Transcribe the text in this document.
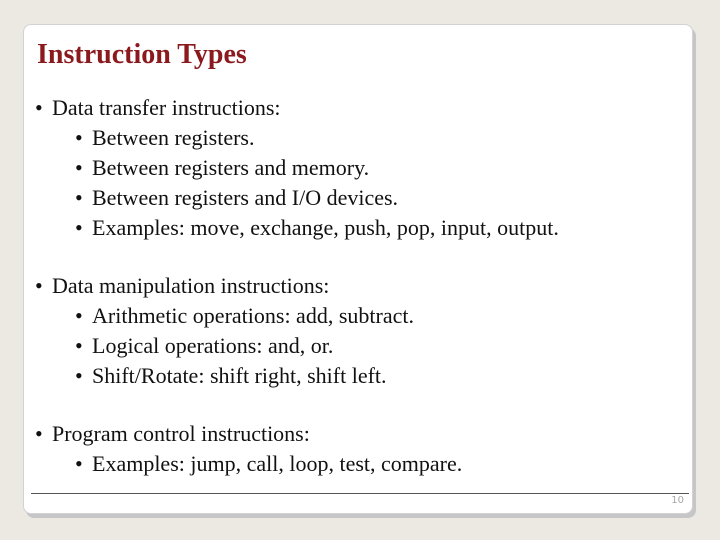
Instruction Types
• Data transfer instructions:
• Between registers.
• Between registers and memory.
• Between registers and I/O devices.
• Examples: move, exchange, push, pop, input, output.
• Data manipulation instructions:
• Arithmetic operations: add, subtract.
• Logical operations: and, or.
• Shift/Rotate: shift right, shift left.
• Program control instructions:
• Examples: jump, call, loop, test, compare.
10
